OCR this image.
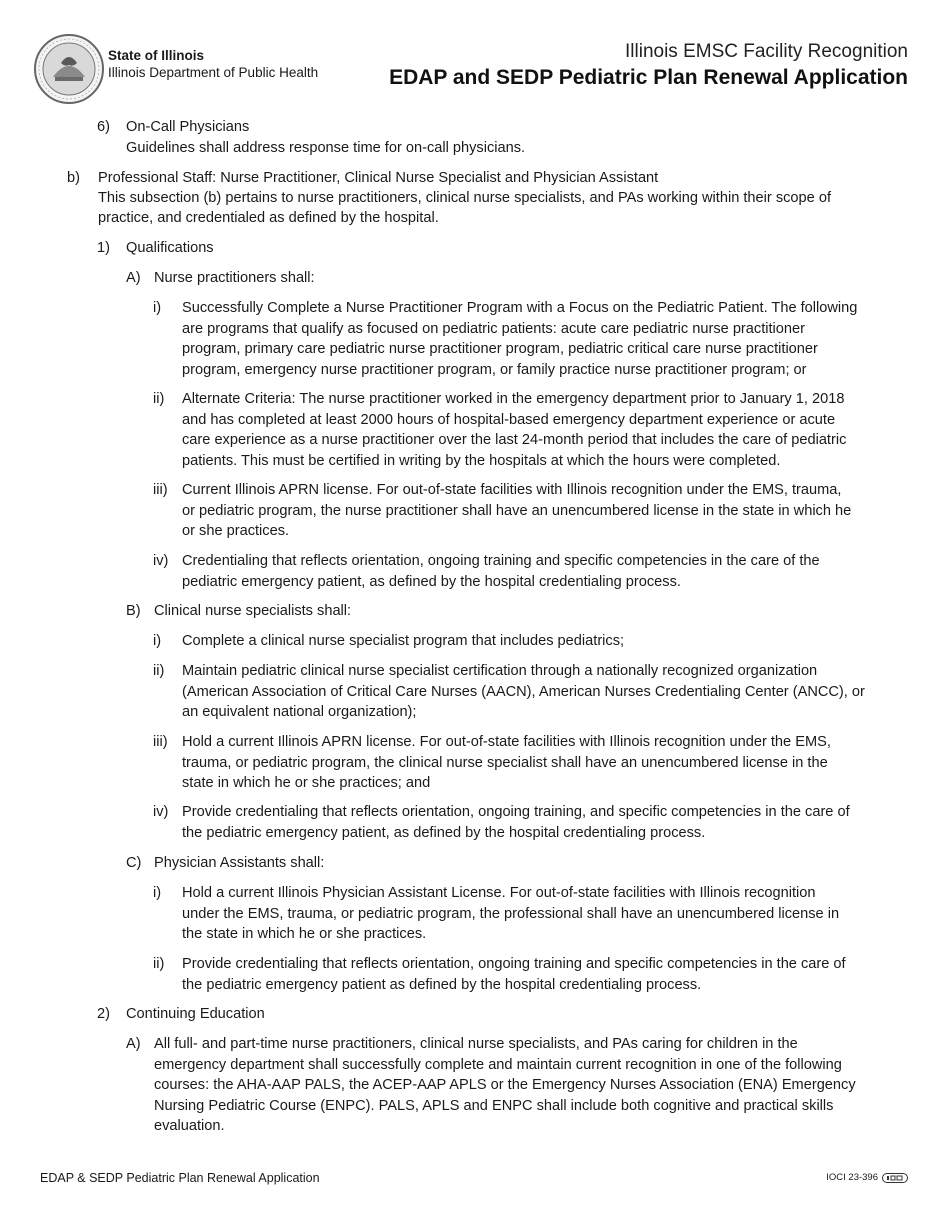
State of Illinois
Illinois Department of Public Health
Illinois EMSC Facility Recognition
EDAP and SEDP Pediatric Plan Renewal Application
6) On-Call Physicians
Guidelines shall address response time for on-call physicians.
b) Professional Staff: Nurse Practitioner, Clinical Nurse Specialist and Physician Assistant
This subsection (b) pertains to nurse practitioners, clinical nurse specialists, and PAs working within their scope of
practice, and credentialed as defined by the hospital.
1) Qualifications
A) Nurse practitioners shall:
i) Successfully Complete a Nurse Practitioner Program with a Focus on the Pediatric Patient. The following
are programs that qualify as focused on pediatric patients: acute care pediatric nurse practitioner
program, primary care pediatric nurse practitioner program, pediatric critical care nurse practitioner
program, emergency nurse practitioner program, or family practice nurse practitioner program; or
ii) Alternate Criteria: The nurse practitioner worked in the emergency department prior to January 1, 2018
and has completed at least 2000 hours of hospital-based emergency department experience or acute
care experience as a nurse practitioner over the last 24-month period that includes the care of pediatric
patients. This must be certified in writing by the hospitals at which the hours were completed.
iii) Current Illinois APRN license. For out-of-state facilities with Illinois recognition under the EMS, trauma,
or pediatric program, the nurse practitioner shall have an unencumbered license in the state in which he
or she practices.
iv) Credentialing that reflects orientation, ongoing training and specific competencies in the care of the
pediatric emergency patient, as defined by the hospital credentialing process.
B) Clinical nurse specialists shall:
i) Complete a clinical nurse specialist program that includes pediatrics;
ii) Maintain pediatric clinical nurse specialist certification through a nationally recognized organization
(American Association of Critical Care Nurses (AACN), American Nurses Credentialing Center (ANCC), or
an equivalent national organization);
iii) Hold a current Illinois APRN license. For out-of-state facilities with Illinois recognition under the EMS,
trauma, or pediatric program, the clinical nurse specialist shall have an unencumbered license in the
state in which he or she practices; and
iv) Provide credentialing that reflects orientation, ongoing training, and specific competencies in the care of
the pediatric emergency patient, as defined by the hospital credentialing process.
C) Physician Assistants shall:
i) Hold a current Illinois Physician Assistant License. For out-of-state facilities with Illinois recognition
under the EMS, trauma, or pediatric program, the professional shall have an unencumbered license in
the state in which he or she practices.
ii) Provide credentialing that reflects orientation, ongoing training and specific competencies in the care of
the pediatric emergency patient as defined by the hospital credentialing process.
2) Continuing Education
A) All full- and part-time nurse practitioners, clinical nurse specialists, and PAs caring for children in the
emergency department shall successfully complete and maintain current recognition in one of the following
courses: the AHA-AAP PALS, the ACEP-AAP APLS or the Emergency Nurses Association (ENA) Emergency
Nursing Pediatric Course (ENPC). PALS, APLS and ENPC shall include both cognitive and practical skills
evaluation.
EDAP & SEDP Pediatric Plan Renewal Application	IOCI 23-396
